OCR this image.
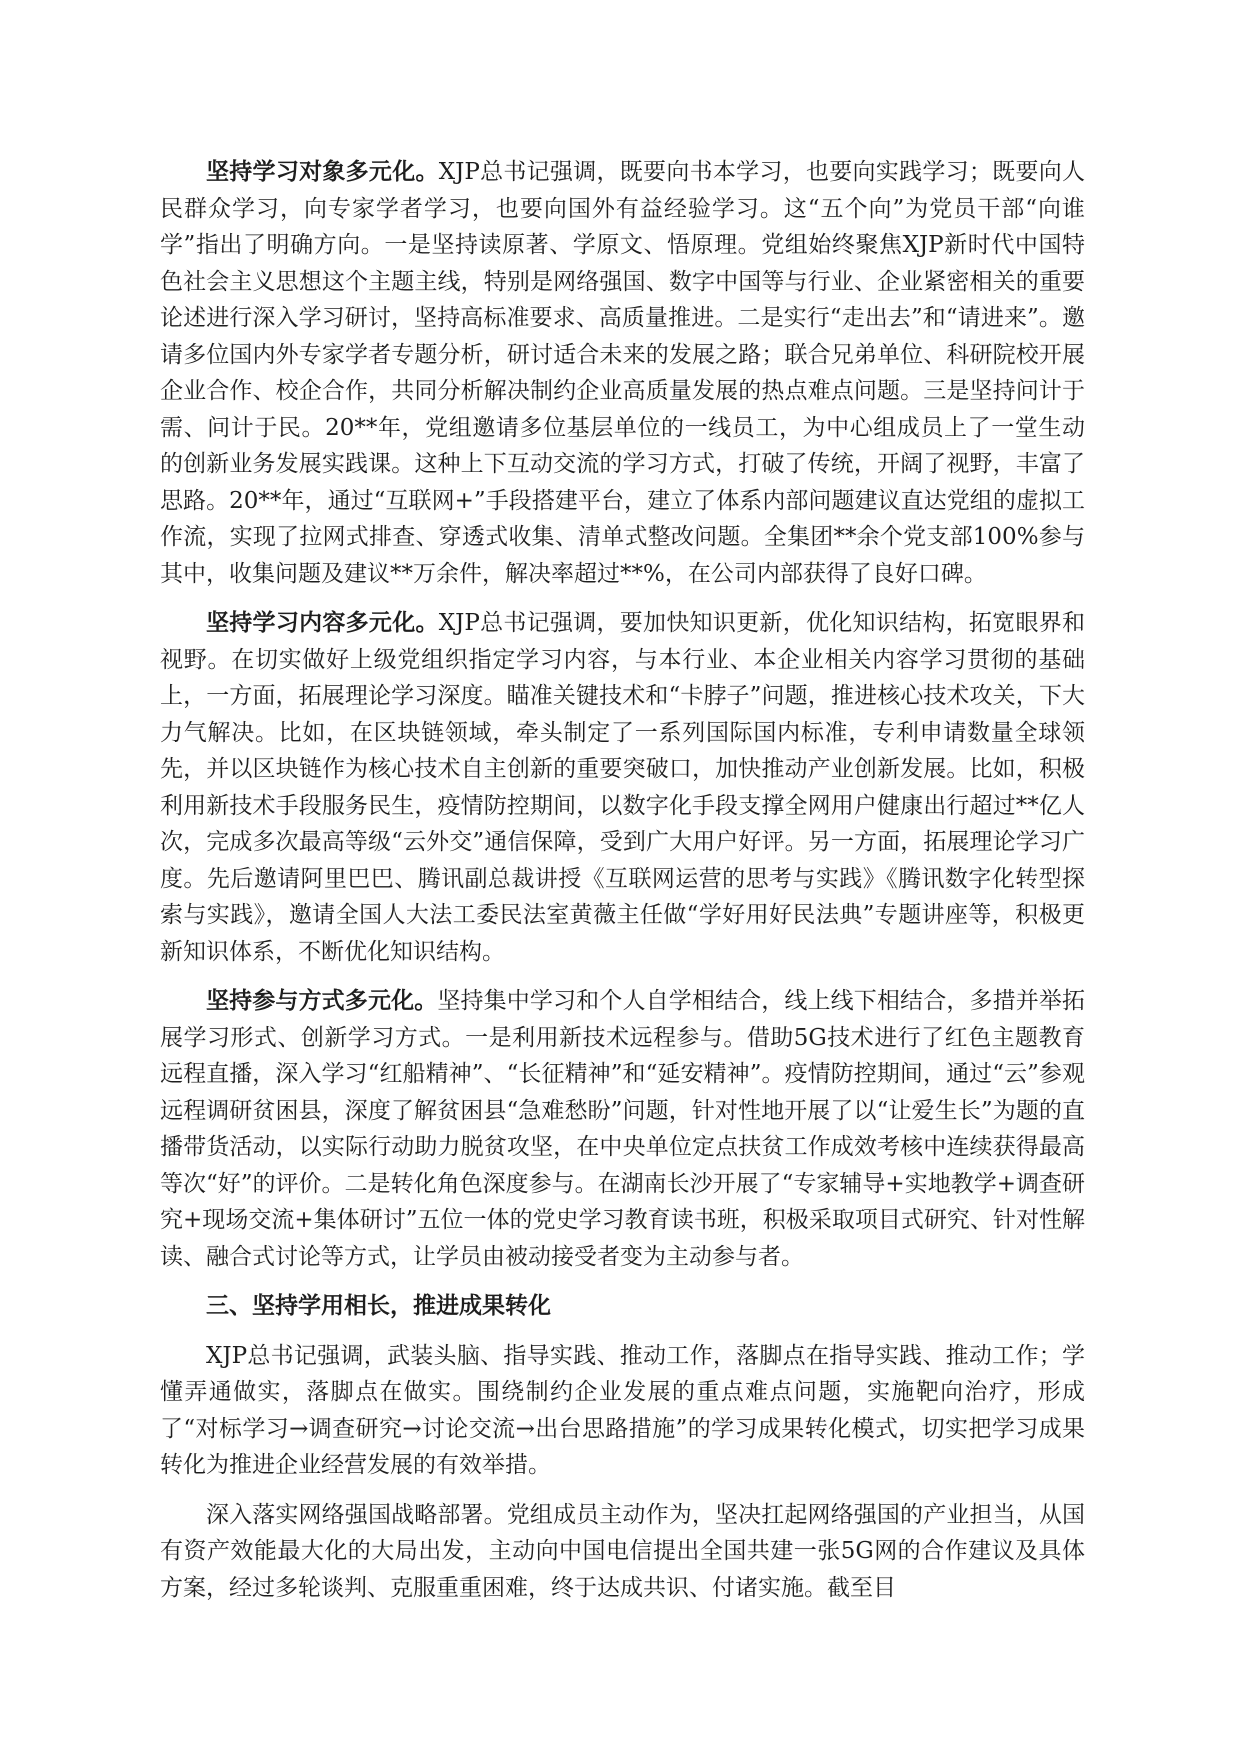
坚持学习对象多元化。XJP总书记强调，既要向书本学习，也要向实践学习；既要向人民群众学习，向专家学者学习，也要向国外有益经验学习。这“五个向”为党员干部“向谁学”指出了明确方向。一是坚持读原著、学原文、悟原理。党组始终聚焦XJP新时代中国特色社会主义思想这个主题主线，特别是网络强国、数字中国等与行业、企业紧密相关的重要论述进行深入学习研讨，坚持高标准要求、高质量推进。二是实行“走出去”和“请进来”。邀请多位国内外专家学者专题分析，研讨适合未来的发展之路；联合兄弟单位、科研院校开展企业合作、校企合作，共同分析解决制约企业高质量发展的热点难点问题。三是坚持问计于需、问计于民。20**年，党组邀请多位基层单位的一线员工，为中心组成员上了一堂生动的创新业务发展实践课。这种上下互动交流的学习方式，打破了传统，开阔了视野，丰富了思路。20**年，通过“互联网+”手段搭建平台，建立了体系内部问题建议直达党组的虚拟工作流，实现了拉网式排查、穿透式收集、清单式整改问题。全集团**余个党支部100%参与其中，收集问题及建议**万余件，解决率超过**%，在公司内部获得了良好口碑。

坚持学习内容多元化。XJP总书记强调，要加快知识更新，优化知识结构，拓宽眼界和视野。在切实做好上级党组织指定学习内容，与本行业、本企业相关内容学习贯彻的基础上，一方面，拓展理论学习深度。瞄准关键技术和“卡脖子”问题，推进核心技术攻关，下大力气解决。比如，在区块链领域，牵头制定了一系列国际国内标准，专利申请数量全球领先，并以区块链作为核心技术自主创新的重要突破口，加快推动产业创新发展。比如，积极利用新技术手段服务民生，疫情防控期间，以数字化手段支撑全网用户健康出行超过**亿人次，完成多次最高等级“云外交”通信保障，受到广大用户好评。另一方面，拓展理论学习广度。先后邀请阿里巴巴、腾讯副总裁讲授《互联网运营的思考与实践》《腾讯数字化转型探索与实践》，邀请全国人大法工委民法室黄薇主任做“学好用好民法典”专题讲座等，积极更新知识体系，不断优化知识结构。

坚持参与方式多元化。坚持集中学习和个人自学相结合，线上线下相结合，多措并举拓展学习形式、创新学习方式。一是利用新技术远程参与。借助5G技术进行了红色主题教育远程直播，深入学习“红船精神”、“长征精神”和“延安精神”。疫情防控期间，通过“云”参观远程调研贫困县，深度了解贫困县“急难愁盼”问题，针对性地开展了以“让爱生长”为题的直播带货活动，以实际行动助力脱贫攻坚，在中央单位定点扶贫工作成效考核中连续获得最高等次“好”的评价。二是转化角色深度参与。在湖南长沙开展了“专家辅导+实地教学+调查研究+现场交流+集体研讨”五位一体的党史学习教育读书班，积极采取项目式研究、针对性解读、融合式讨论等方式，让学员由被动接受者变为主动参与者。

三、坚持学用相长，推进成果转化

XJP总书记强调，武装头脑、指导实践、推动工作，落脚点在指导实践、推动工作；学懂弄通做实，落脚点在做实。围绕制约企业发展的重点难点问题，实施靶向治疗，形成了“对标学习→调查研究→讨论交流→出台思路措施”的学习成果转化模式，切实把学习成果转化为推进企业经营发展的有效举措。

深入落实网络强国战略部署。党组成员主动作为，坚决扛起网络强国的产业担当，从国有资产效能最大化的大局出发，主动向中国电信提出全国共建一张5G网的合作建议及具体方案，经过多轮谈判、克服重重困难，终于达成共识、付诸实施。截至目
